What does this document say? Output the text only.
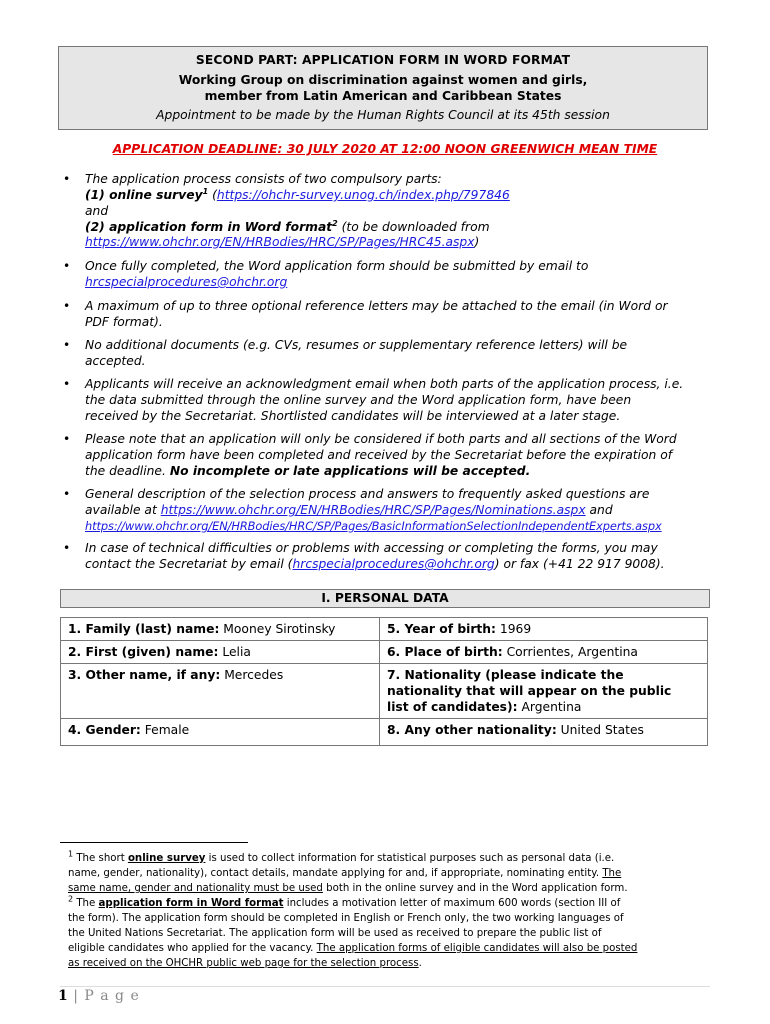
SECOND PART: APPLICATION FORM IN WORD FORMAT
Working Group on discrimination against women and girls,
member from Latin American and Caribbean States
Appointment to be made by the Human Rights Council at its 45th session
APPLICATION DEADLINE: 30 JULY 2020 AT 12:00 NOON GREENWICH MEAN TIME
• The application process consists of two compulsory parts:
(1) online survey$^1$ (https://ohchr-survey.unog.ch/index.php/797846
and
(2) application form in Word format$^2$ (to be downloaded from
https://www.ohchr.org/EN/HRBodies/HRC/SP/Pages/HRC45.aspx)
• Once fully completed, the Word application form should be submitted by email to
hrcspecialprocedures@ohchr.org
• A maximum of up to three optional reference letters may be attached to the email (in Word or
PDF format).
• No additional documents (e.g. CVs, resumes or supplementary reference letters) will be
accepted.
• Applicants will receive an acknowledgment email when both parts of the application process, i.e.
the data submitted through the online survey and the Word application form, have been
received by the Secretariat. Shortlisted candidates will be interviewed at a later stage.
• Please note that an application will only be considered if both parts and all sections of the Word
application form have been completed and received by the Secretariat before the expiration of
the deadline. No incomplete or late applications will be accepted.
• General description of the selection process and answers to frequently asked questions are
available at https://www.ohchr.org/EN/HRBodies/HRC/SP/Pages/Nominations.aspx and
https://www.ohchr.org/EN/HRBodies/HRC/SP/Pages/BasicInformationSelectionIndependentExperts.aspx
• In case of technical difficulties or problems with accessing or completing the forms, you may
contact the Secretariat by email (hrcspecialprocedures@ohchr.org) or fax (+41 22 917 9008).
I. PERSONAL DATA
1. Family (last) name: Mooney Sirotinsky	5. Year of birth: 1969
2. First (given) name: Lelia	6. Place of birth: Corrientes, Argentina
3. Other name, if any: Mercedes	7. Nationality (please indicate the
nationality that will appear on the public
list of candidates): Argentina

4. Gender: Female	8. Any other nationality: United States
$^1$ The short online survey is used to collect information for statistical purposes such as personal data (i.e.
name, gender, nationality), contact details, mandate applying for and, if appropriate, nominating entity. The
same name, gender and nationality must be used both in the online survey and in the Word application form.
$^2$ The application form in Word format includes a motivation letter of maximum 600 words (section III of
the form). The application form should be completed in English or French only, the two working languages of
the United Nations Secretariat. The application form will be used as received to prepare the public list of
eligible candidates who applied for the vacancy. The application forms of eligible candidates will also be posted
as received on the OHCHR public web page for the selection process.
1 | P a g e
